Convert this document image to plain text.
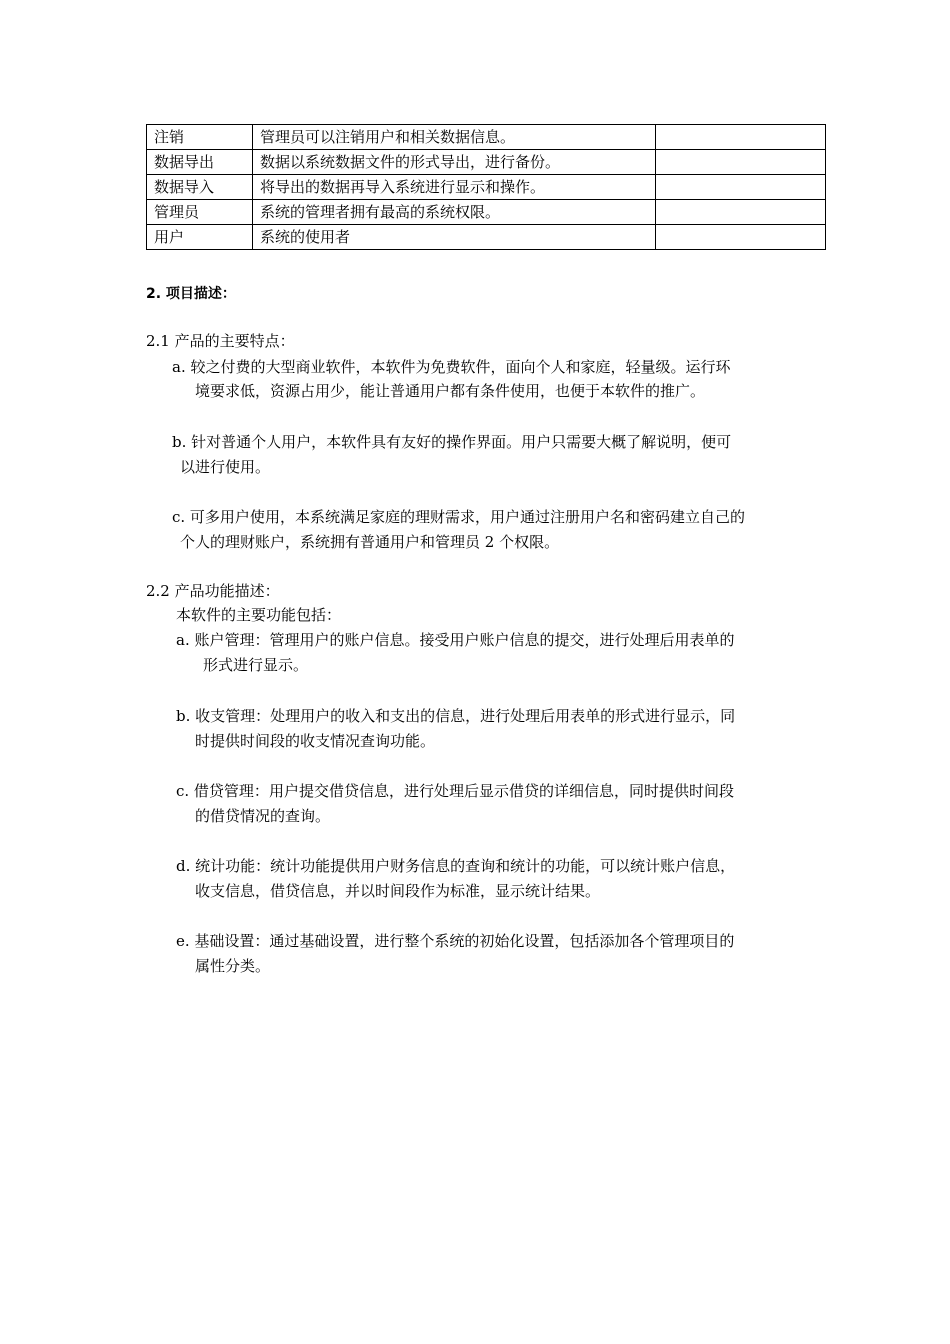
注销	管理员可以注销用户和相关数据信息。	
数据导出	数据以系统数据文件的形式导出，进行备份。	
数据导入	将导出的数据再导入系统进行显示和操作。	
管理员	系统的管理者拥有最高的系统权限。	
用户	系统的使用者	
2. 项目描述：
2.1 产品的主要特点：
a. 较之付费的大型商业软件，本软件为免费软件，面向个人和家庭，轻量级。运行环
境要求低，资源占用少，能让普通用户都有条件使用，也便于本软件的推广。
b. 针对普通个人用户，本软件具有友好的操作界面。用户只需要大概了解说明，便可
以进行使用。
c. 可多用户使用，本系统满足家庭的理财需求，用户通过注册用户名和密码建立自己的
个人的理财账户，系统拥有普通用户和管理员 2 个权限。
2.2 产品功能描述：
本软件的主要功能包括：
a. 账户管理：管理用户的账户信息。接受用户账户信息的提交，进行处理后用表单的
形式进行显示。
b. 收支管理：处理用户的收入和支出的信息，进行处理后用表单的形式进行显示，同
时提供时间段的收支情况查询功能。
c. 借贷管理：用户提交借贷信息，进行处理后显示借贷的详细信息，同时提供时间段
的借贷情况的查询。
d. 统计功能：统计功能提供用户财务信息的查询和统计的功能，可以统计账户信息，
收支信息，借贷信息，并以时间段作为标准，显示统计结果。
e. 基础设置：通过基础设置，进行整个系统的初始化设置，包括添加各个管理项目的
属性分类。
